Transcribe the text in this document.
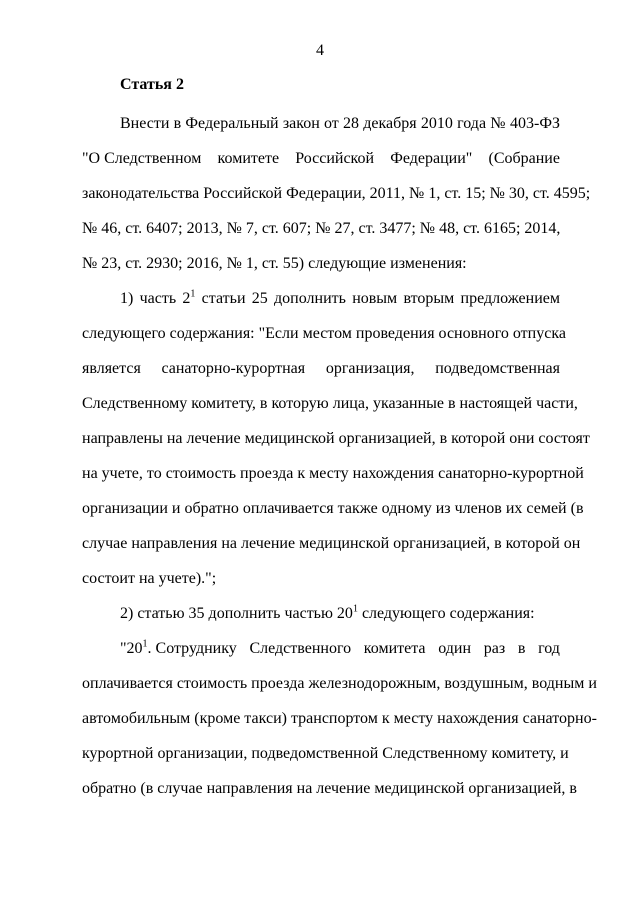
4
Статья 2
Внести в Федеральный закон от 28 декабря 2010 года № 403-ФЗ
"О Следственном комитете Российской Федерации" (Собрание
законодательства Российской Федерации, 2011, № 1, ст. 15; № 30, ст. 4595;
№ 46, ст. 6407; 2013, № 7, ст. 607; № 27, ст. 3477; № 48, ст. 6165; 2014,
№ 23, ст. 2930; 2016, № 1, ст. 55) следующие изменения:
1) часть $2^1$ статьи 25 дополнить новым вторым предложением
следующего содержания: "Если местом проведения основного отпуска
является санаторно-курортная организация, подведомственная
Следственному комитету, в которую лица, указанные в настоящей части,
направлены на лечение медицинской организацией, в которой они состоят
на учете, то стоимость проезда к месту нахождения санаторно-курортной
организации и обратно оплачивается также одному из членов их семей (в
случае направления на лечение медицинской организацией, в которой он
состоит на учете).";
2) статью 35 дополнить частью $20^1$ следующего содержания:
"$20^1$. Сотруднику Следственного комитета один раз в год
оплачивается стоимость проезда железнодорожным, воздушным, водным и
автомобильным (кроме такси) транспортом к месту нахождения санаторно-
курортной организации, подведомственной Следственному комитету, и
обратно (в случае направления на лечение медицинской организацией, в
